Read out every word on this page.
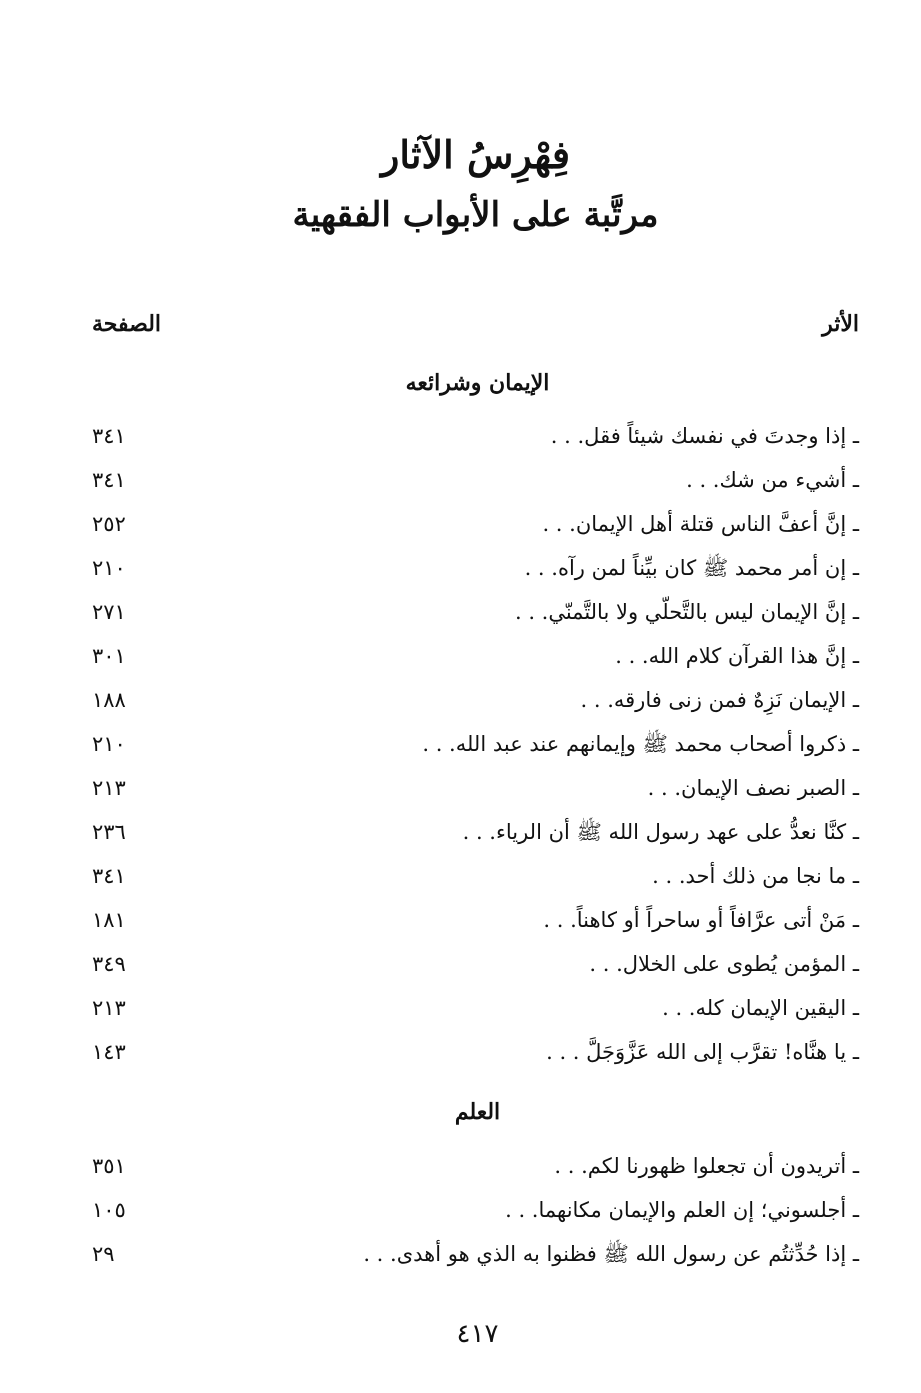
فِهْرِسُ الآثار
مرتَّبة على الأبواب الفقهية
الأثر
الصفحة
الإيمان وشرائعه
ـ إذا وجدتَ في نفسك شيئاً فقل. . .
٣٤١
ـ أشيء من شك. . .
٣٤١
ـ إنَّ أعفَّ الناس قتلة أهل الإيمان. . .
٢٥٢
ـ إن أمر محمد ﷺ كان بيِّناً لمن رآه. . .
٢١٠
ـ إنَّ الإيمان ليس بالتَّحلّي ولا بالتَّمنّي. . .
٢٧١
ـ إنَّ هذا القرآن كلام الله. . .
٣٠١
ـ الإيمان نَزِهٌ فمن زنى فارقه. . .
١٨٨
ـ ذكروا أصحاب محمد ﷺ وإيمانهم عند عبد الله. . .
٢١٠
ـ الصبر نصف الإيمان. . .
٢١٣
ـ كنَّا نعدُّ على عهد رسول الله ﷺ أن الرياء. . .
٢٣٦
ـ ما نجا من ذلك أحد. . .
٣٤١
ـ مَنْ أتى عرَّافاً أو ساحراً أو كاهناً. . .
١٨١
ـ المؤمن يُطوى على الخلال. . .
٣٤٩
ـ اليقين الإيمان كله. . .
٢١٣
ـ يا هنَّاه! تقرَّب إلى الله عَزَّوَجَلَّ . . .
١٤٣
العلم
ـ أتريدون أن تجعلوا ظهورنا لكم. . .
٣٥١
ـ أجلسوني؛ إن العلم والإيمان مكانهما. . .
١٠٥
ـ إذا حُدِّثتُم عن رسول الله ﷺ فظنوا به الذي هو أهدى. . .
٢٩
٤١٧
